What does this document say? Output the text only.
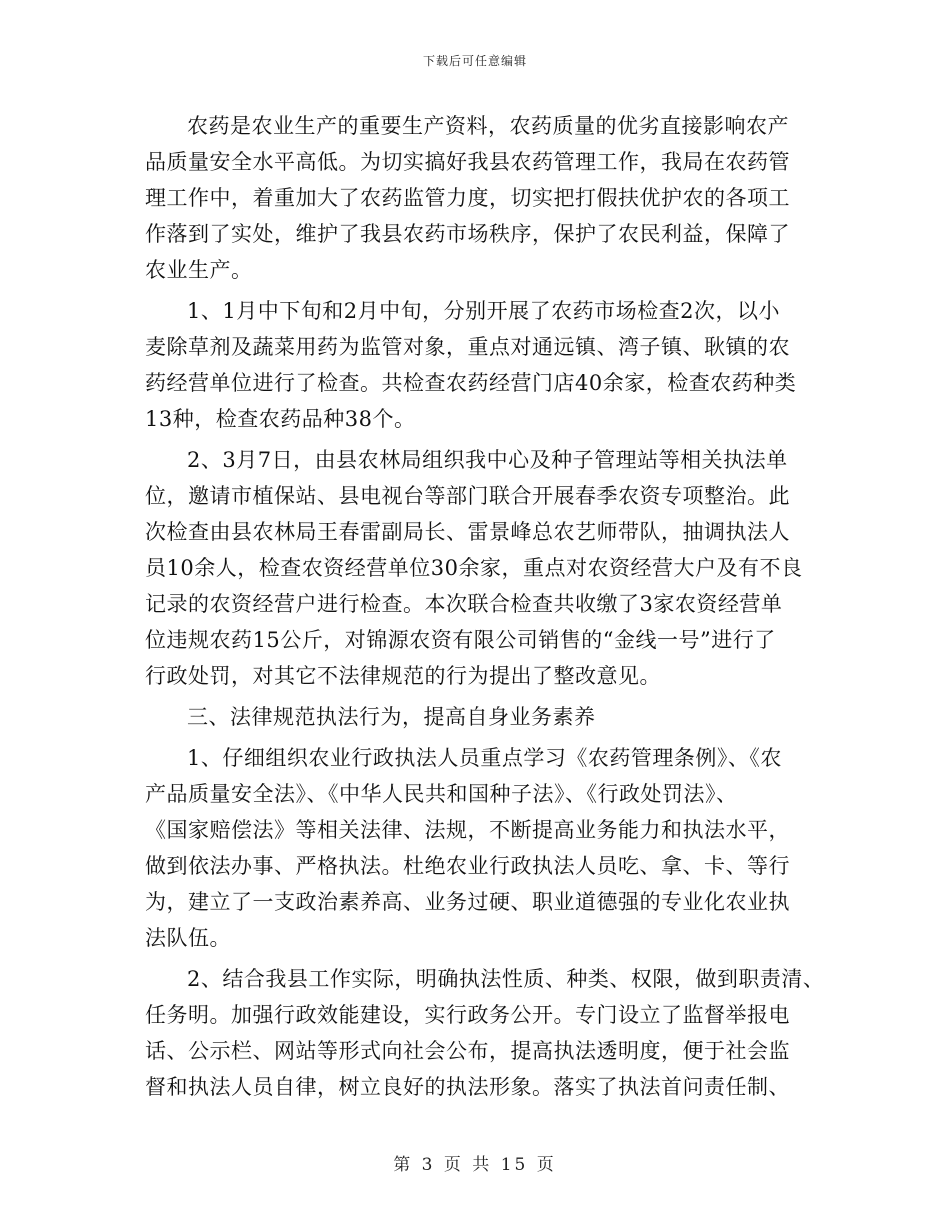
下载后可任意编辑
农药是农业生产的重要生产资料，农药质量的优劣直接影响农产
品质量安全水平高低。为切实搞好我县农药管理工作，我局在农药管
理工作中，着重加大了农药监管力度，切实把打假扶优护农的各项工
作落到了实处，维护了我县农药市场秩序，保护了农民利益，保障了
农业生产。
1、1月中下旬和2月中旬，分别开展了农药市场检查2次，以小
麦除草剂及蔬菜用药为监管对象，重点对通远镇、湾子镇、耿镇的农
药经营单位进行了检查。共检查农药经营门店40余家，检查农药种类
13种，检查农药品种38个。
2、3月7日，由县农林局组织我中心及种子管理站等相关执法单
位，邀请市植保站、县电视台等部门联合开展春季农资专项整治。此
次检查由县农林局王春雷副局长、雷景峰总农艺师带队，抽调执法人
员10余人，检查农资经营单位30余家，重点对农资经营大户及有不良
记录的农资经营户进行检查。本次联合检查共收缴了3家农资经营单
位违规农药15公斤，对锦源农资有限公司销售的“金线一号”进行了
行政处罚，对其它不法律规范的行为提出了整改意见。
三、法律规范执法行为，提高自身业务素养
1、仔细组织农业行政执法人员重点学习《农药管理条例》、《农
产品质量安全法》、《中华人民共和国种子法》、《行政处罚法》、
《国家赔偿法》等相关法律、法规，不断提高业务能力和执法水平，
做到依法办事、严格执法。杜绝农业行政执法人员吃、拿、卡、等行
为，建立了一支政治素养高、业务过硬、职业道德强的专业化农业执
法队伍。
2、结合我县工作实际，明确执法性质、种类、权限，做到职责清、
任务明。加强行政效能建设，实行政务公开。专门设立了监督举报电
话、公示栏、网站等形式向社会公布，提高执法透明度，便于社会监
督和执法人员自律，树立良好的执法形象。落实了执法首问责任制、
第 3 页 共 15 页
